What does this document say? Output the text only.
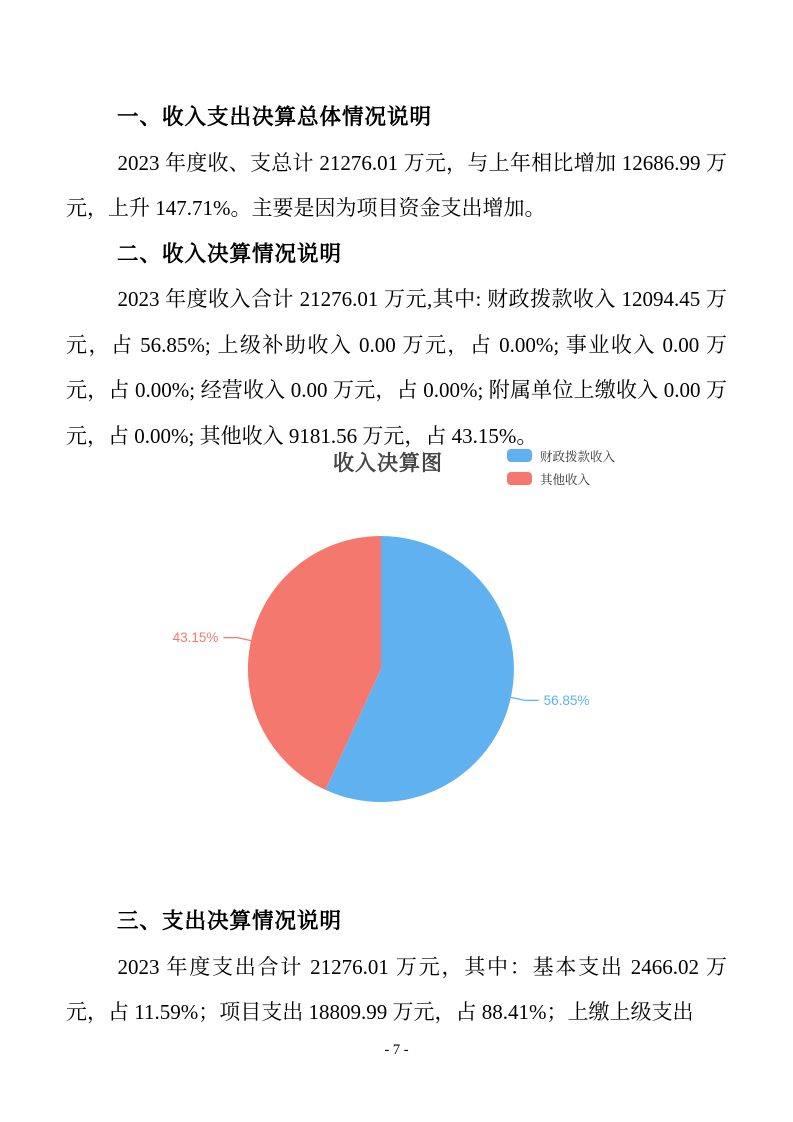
一、收入支出决算总体情况说明

2023 年度收、支总计 21276.01 万元，与上年相比增加 12686.99 万元，上升 147.71%。主要是因为项目资金支出增加。

二、收入决算情况说明

2023 年度收入合计 21276.01 万元,其中: 财政拨款收入 12094.45 万元，占 56.85%; 上级补助收入 0.00 万元，占 0.00%; 事业收入 0.00 万元，占 0.00%; 经营收入 0.00 万元，占 0.00%; 附属单位上缴收入 0.00 万元，占 0.00%; 其他收入 9181.56 万元，占 43.15%。

56.85%
43.15%
收入决算图	财政拨款收入
其他收入
三、支出决算情况说明

2023 年度支出合计 21276.01 万元，其中：基本支出 2466.02 万元，占 11.59%；项目支出 18809.99 万元，占 88.41%；上缴上级支出

- 7 -
